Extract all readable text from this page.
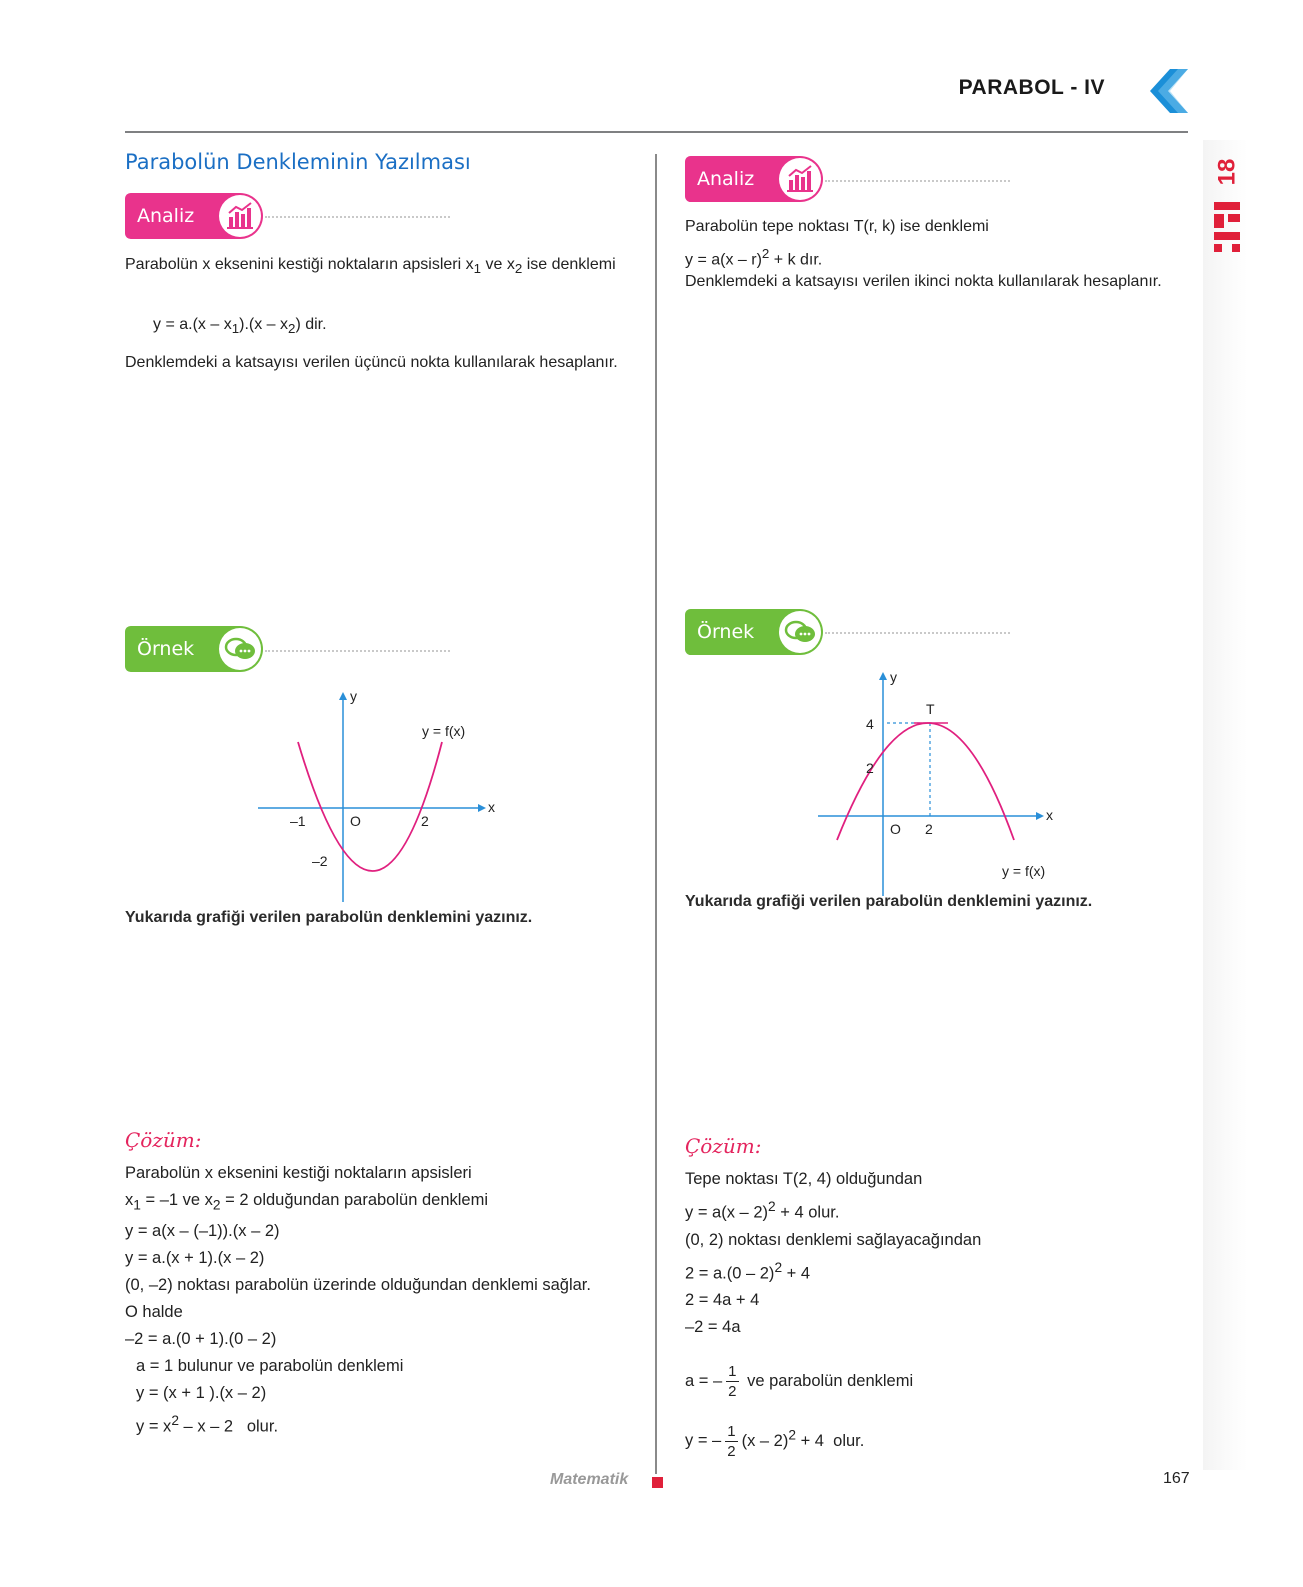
PARABOL - IV
18
Parabolün Denkleminin Yazılması
Analiz
Parabolün x eksenini kestiği noktaların apsisleri $x_1$ ve $x_2$ ise denklemi
$y = a.(x - x_1).(x - x_2)$ dir.
Denklemdeki a katsayısı verilen üçüncü nokta kullanılarak hesaplanır.
Örnek
y
x
y = f(x)
–1	O	2
–2
Yukarıda grafiği verilen parabolün denklemini yazınız.
Çözüm:
Parabolün x eksenini kestiği noktaların apsisleri
$x_1 = -1$ ve $x_2 = 2$ olduğundan parabolün denklemi
y = a(x – (–1)).(x – 2)
y = a.(x + 1).(x – 2)
(0, –2) noktası parabolün üzerinde olduğundan denklemi sağlar.
O halde
–2 = a.(0 + 1).(0 – 2)
a = 1 bulunur ve parabolün denklemi
y = (x + 1 ).(x – 2)
$y = x^2 - x - 2$   olur.
Analiz
Parabolün tepe noktası T(r, k) ise denklemi
y = a(x – r)$^2$ + k dır.
Denklemdeki a katsayısı verilen ikinci nokta kullanılarak hesaplanır.
Örnek
y
x
T
4
2
O 2
y = f(x)
Yukarıda grafiği verilen parabolün denklemini yazınız.
Çözüm:
Tepe noktası T(2, 4) olduğundan
y = a(x – 2)$^2$ + 4 olur.
(0, 2) noktası denklemi sağlayacağından
2 = a.(0 – 2)$^2$ + 4
2 = 4a + 4
–2 = 4a
a = – $\frac{1}{2}$ ve parabolün denklemi
y = – $\frac{1}{2} (x - 2)^2 + 4$  olur.
Matematik	167
